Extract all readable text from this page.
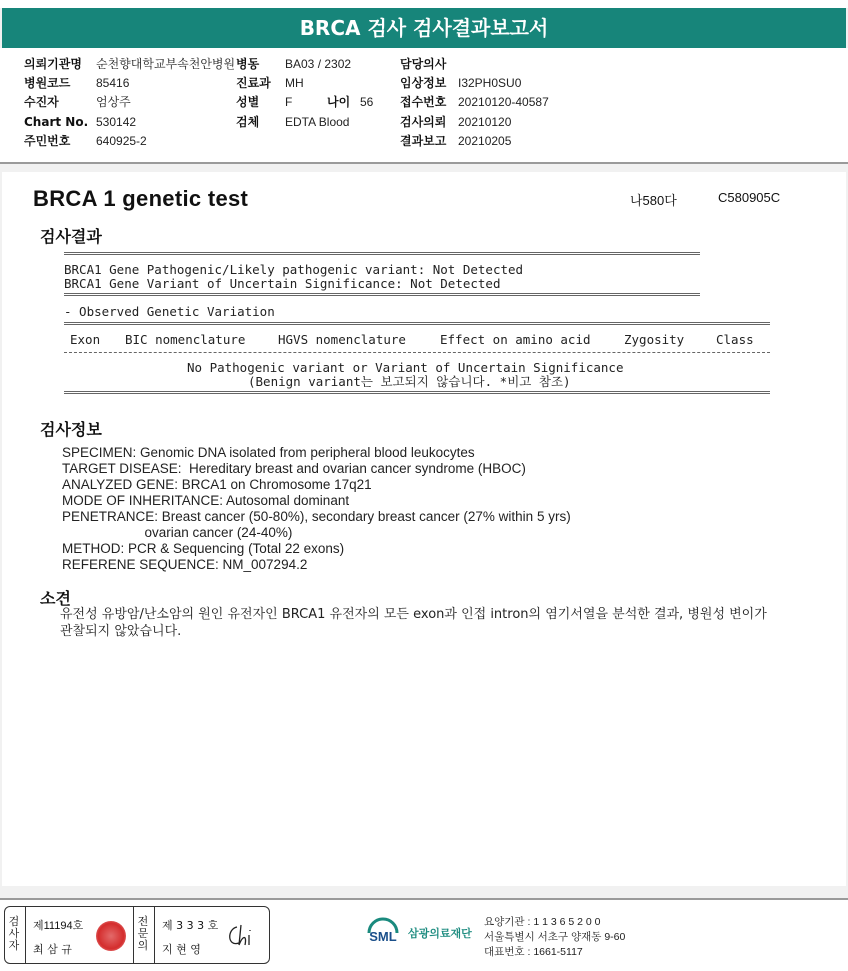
BRCA 검사 검사결과보고서
의뢰기관명 순천향대학교부속천안병원 병동 BA03 / 2302	담당의사
병원코드 85416	진료과 MH	임상정보 I32PH0SU0
수진자	엄상주	성별 F	나이 56 접수번호 20210120-40587
Chart No. 530142	검체 EDTA Blood	검사의뢰 20210120
주민번호 640925-2	결과보고 20210205
BRCA 1 genetic test	나580다	C580905C
검사결과
BRCA1 Gene Pathogenic/Likely pathogenic variant: Not Detected
BRCA1 Gene Variant of Uncertain Significance: Not Detected
- Observed Genetic Variation
Exon BIC nomenclature	HGVS nomenclature	Effect on amino acid	Zygosity	Class
No Pathogenic variant or Variant of Uncertain Significance
(Benign variant는 보고되지 않습니다. *비고 참조)
검사정보
SPECIMEN: Genomic DNA isolated from peripheral blood leukocytes
TARGET DISEASE:  Hereditary breast and ovarian cancer syndrome (HBOC)
ANALYZED GENE: BRCA1 on Chromosome 17q21
MODE OF INHERITANCE: Autosomal dominant
PENETRANCE: Breast cancer (50-80%), secondary breast cancer (27% within 5 yrs)
ovarian cancer (24-40%)
METHOD: PCR & Sequencing (Total 22 exons)
REFERENE SEQUENCE: NM_007294.2
소견
유전성 유방암/난소암의 원인 유전자인 BRCA1 유전자의 모든 exon과 인접 intron의 염기서열을 분석한 결과, 병원성 변이가 관찰되지 않았습니다.
검사자
제11194호
최 삼 규
전문의
제 3 3 3 호
지 현 영
SML 삼광의료재단
요양기관 : 1 1 3 6 5 2 0 0
서울특별시 서초구 양재동 9-60
대표번호 : 1661-5117
